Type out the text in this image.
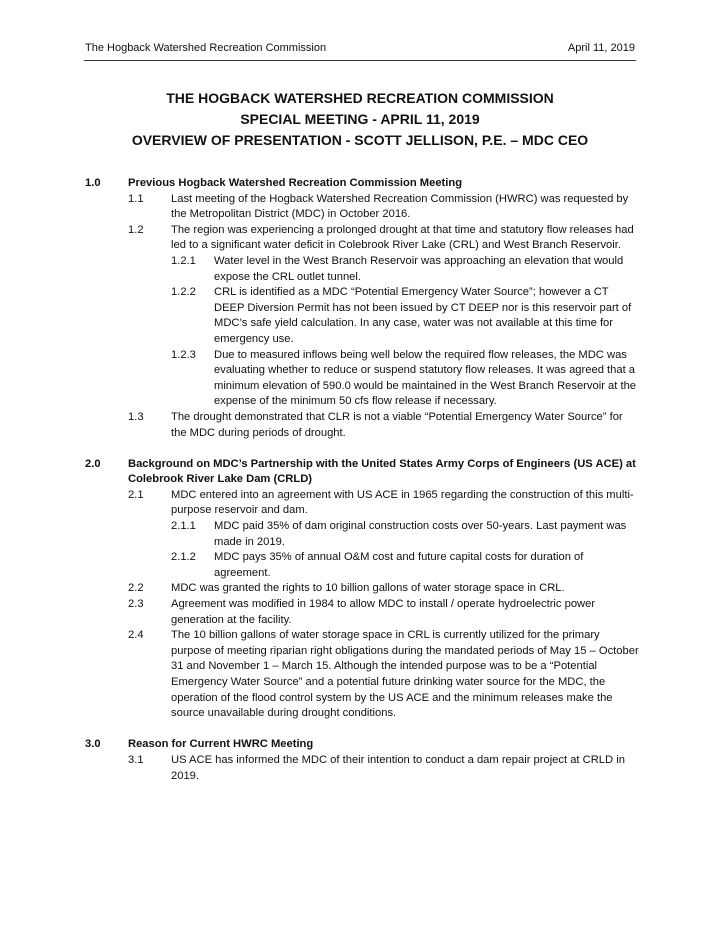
The Hogback Watershed Recreation Commission	April 11, 2019
THE HOGBACK WATERSHED RECREATION COMMISSION
SPECIAL MEETING - APRIL 11, 2019
OVERVIEW OF PRESENTATION - SCOTT JELLISON, P.E. – MDC CEO
1.0	Previous Hogback Watershed Recreation Commission Meeting
1.1	Last meeting of the Hogback Watershed Recreation Commission (HWRC) was requested by the Metropolitan District (MDC) in October 2016.
1.2	The region was experiencing a prolonged drought at that time and statutory flow releases had led to a significant water deficit in Colebrook River Lake (CRL) and West Branch Reservoir.
1.2.1	Water level in the West Branch Reservoir was approaching an elevation that would expose the CRL outlet tunnel.
1.2.2	CRL is identified as a MDC “Potential Emergency Water Source”; however a CT DEEP Diversion Permit has not been issued by CT DEEP nor is this reservoir part of MDC’s safe yield calculation. In any case, water was not available at this time for emergency use.
1.2.3	Due to measured inflows being well below the required flow releases, the MDC was evaluating whether to reduce or suspend statutory flow releases. It was agreed that a minimum elevation of 590.0 would be maintained in the West Branch Reservoir at the expense of the minimum 50 cfs flow release if necessary.
1.3	The drought demonstrated that CLR is not a viable “Potential Emergency Water Source” for the MDC during periods of drought.
2.0	Background on MDC’s Partnership with the United States Army Corps of Engineers (US ACE) at Colebrook River Lake Dam (CRLD)
2.1	MDC entered into an agreement with US ACE in 1965 regarding the construction of this multi-purpose reservoir and dam.
2.1.1	MDC paid 35% of dam original construction costs over 50-years. Last payment was made in 2019.
2.1.2	MDC pays 35% of annual O&M cost and future capital costs for duration of agreement.
2.2	MDC was granted the rights to 10 billion gallons of water storage space in CRL.
2.3	Agreement was modified in 1984 to allow MDC to install / operate hydroelectric power generation at the facility.
2.4	The 10 billion gallons of water storage space in CRL is currently utilized for the primary purpose of meeting riparian right obligations during the mandated periods of May 15 – October 31 and November 1 – March 15. Although the intended purpose was to be a “Potential Emergency Water Source” and a potential future drinking water source for the MDC, the operation of the flood control system by the US ACE and the minimum releases make the source unavailable during drought conditions.
3.0	Reason for Current HWRC Meeting
3.1	US ACE has informed the MDC of their intention to conduct a dam repair project at CRLD in 2019.
